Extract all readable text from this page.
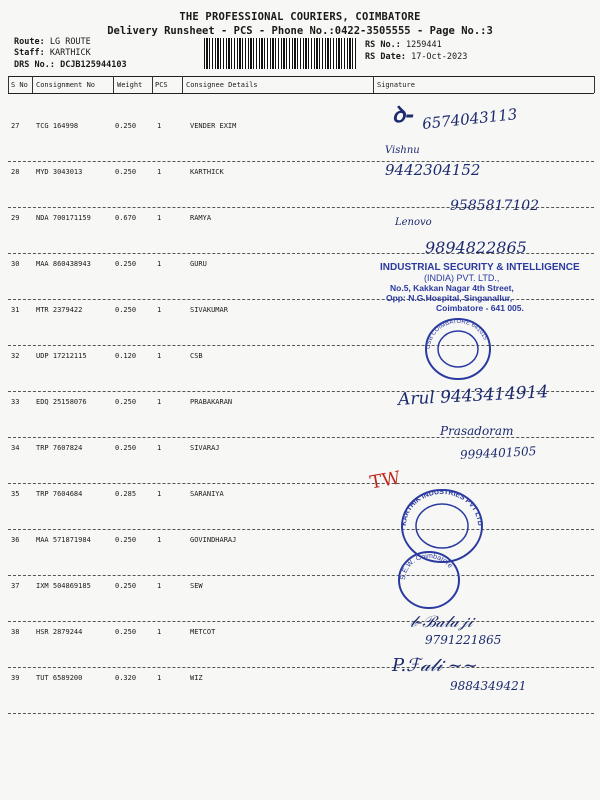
THE PROFESSIONAL COURIERS, COIMBATORE
Delivery Runsheet - PCS - Phone No.:0422-3505555 - Page No.:3
Route: LG ROUTE
Staff: KARTHICK
DRS No.: DCJB125944103
RS No.: 1259441
RS Date: 17-Oct-2023
S No Consignment No	Weight PCS	Consignee Details	Signature
27 TCG 164998	0.250	1	VENDER EXIM
28 MYD 3043013	0.250	1	KARTHICK
29 NDA 700171159	0.670	1	RAMYA
30 MAA 860438943	0.250	1	GURU
31 MTR 2379422	0.250	1	SIVAKUMAR
32 UDP 17212115	0.120	1	CSB
33 EDQ 25158076	0.250	1	PRABAKARAN
34 TRP 7607824	0.250	1	SIVARAJ
35 TRP 7604684	0.285	1	SARANIYA
36 MAA 571871984	0.250	1	GOVINDHARAJ
37 IXM 504869185	0.250	1	SEW
38 HSR 2879244	0.250	1	METCOT
39 TUT 6589200	0.320	1	WIZ
ꝺ‑ 6574043113
Vishnu
9442304152
9585817102
Lenovo
9894822865
INDUSTRIAL SECURITY & INTELLIGENCE
(INDIA) PVT. LTD.,
No.5, Kakkan Nagar 4th Street,
Opp: N.G.Hospital, Singanallur,
Coimbatore - 641 005.
CSB COIMBATORE 641015
Arul 9443414914
Prasadoram
9994401505
TW
KARTHIK INDUSTRIES PVT LTD
S.E.W. Coimbatore
𝒷‑ℬ𝒶𝓁𝒶𝒿𝒾
9791221865
P.ℱ𝒶𝓁𝒾 ~~
9884349421
